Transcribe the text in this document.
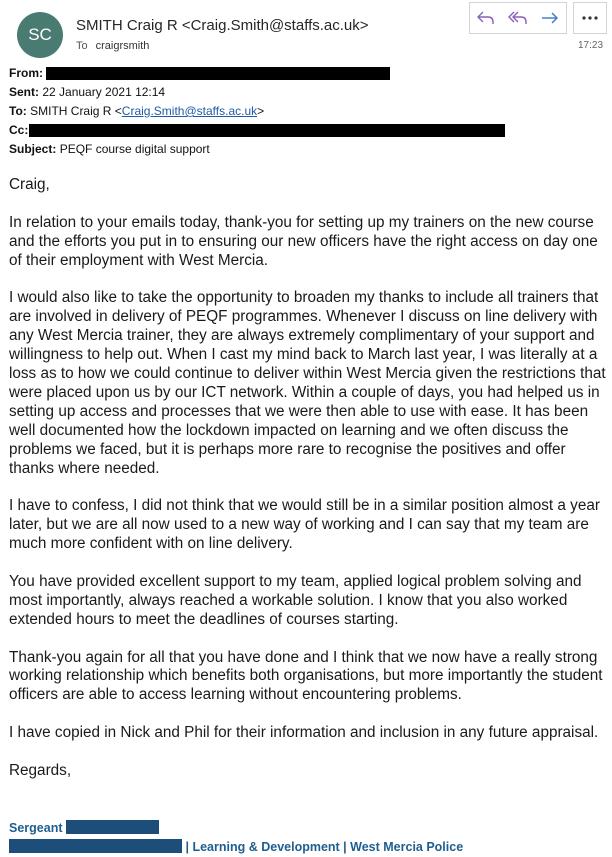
SC	SMITH Craig R <Craig.Smith@staffs.ac.uk>
To craigrsmith	17:23
From:
Sent: 22 January 2021 12:14
To: SMITH Craig R <Craig.Smith@staffs.ac.uk>
Cc:
Subject: PEQF course digital support

Craig,

In relation to your emails today, thank-you for setting up my trainers on the new course and the efforts you put in to ensuring our new officers have the right access on day one of their employment with West Mercia.

I would also like to take the opportunity to broaden my thanks to include all trainers that are involved in delivery of PEQF programmes. Whenever I discuss on line delivery with any West Mercia trainer, they are always extremely complimentary of your support and willingness to help out. When I cast my mind back to March last year, I was literally at a loss as to how we could continue to deliver within West Mercia given the restrictions that were placed upon us by our ICT network. Within a couple of days, you had helped us in setting up access and processes that we were then able to use with ease. It has been well documented how the lockdown impacted on learning and we often discuss the problems we faced, but it is perhaps more rare to recognise the positives and offer thanks where needed.

I have to confess, I did not think that we would still be in a similar position almost a year later, but we are all now used to a new way of working and I can say that my team are much more confident with on line delivery.

You have provided excellent support to my team, applied logical problem solving and most importantly, always reached a workable solution. I know that you also worked extended hours to meet the deadlines of courses starting.

Thank-you again for all that you have done and I think that we now have a really strong working relationship which benefits both organisations, but more importantly the student officers are able to access learning without encountering problems.

I have copied in Nick and Phil for their information and inclusion in any future appraisal.

Regards,

Sergeant
| Learning & Development | West Mercia Police
